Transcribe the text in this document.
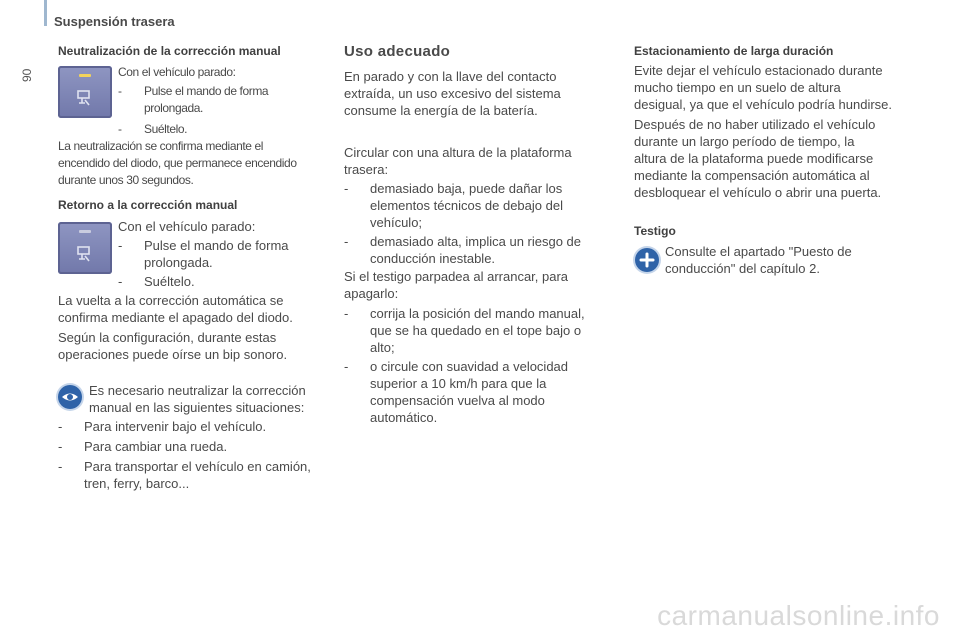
Suspensión trasera
90
Neutralización de la corrección manual
Con el vehículo parado:
- Pulse el mando de forma
prolongada.
- Suéltelo.
La neutralización se confirma mediante el
encendido del diodo, que permanece encendido
durante unos 30 segundos.
Retorno a la corrección manual
Con el vehículo parado:
- Pulse el mando de forma
prolongada.
- Suéltelo.
La vuelta a la corrección automática se
confirma mediante el apagado del diodo.
Según la configuración, durante estas
operaciones puede oírse un bip sonoro.
Es necesario neutralizar la corrección
manual en las siguientes situaciones:
- Para intervenir bajo el vehículo.
- Para cambiar una rueda.
- Para transportar el vehículo en camión,
tren, ferry, barco...
Uso adecuado
En parado y con la llave del contacto
extraída, un uso excesivo del sistema
consume la energía de la batería.
Circular con una altura de la plataforma
trasera:
- demasiado baja, puede dañar los
elementos técnicos de debajo del
vehículo;
- demasiado alta, implica un riesgo de
conducción inestable.
Si el testigo parpadea al arrancar, para
apagarlo:
- corrija la posición del mando manual,
que se ha quedado en el tope bajo o
alto;
- o circule con suavidad a velocidad
superior a 10 km/h para que la
compensación vuelva al modo
automático.
Estacionamiento de larga duración
Evite dejar el vehículo estacionado durante
mucho tiempo en un suelo de altura
desigual, ya que el vehículo podría hundirse.
Después de no haber utilizado el vehículo
durante un largo período de tiempo, la
altura de la plataforma puede modificarse
mediante la compensación automática al
desbloquear el vehículo o abrir una puerta.
Testigo
Consulte el apartado "Puesto de
conducción" del capítulo 2.
carmanualsonline.info
